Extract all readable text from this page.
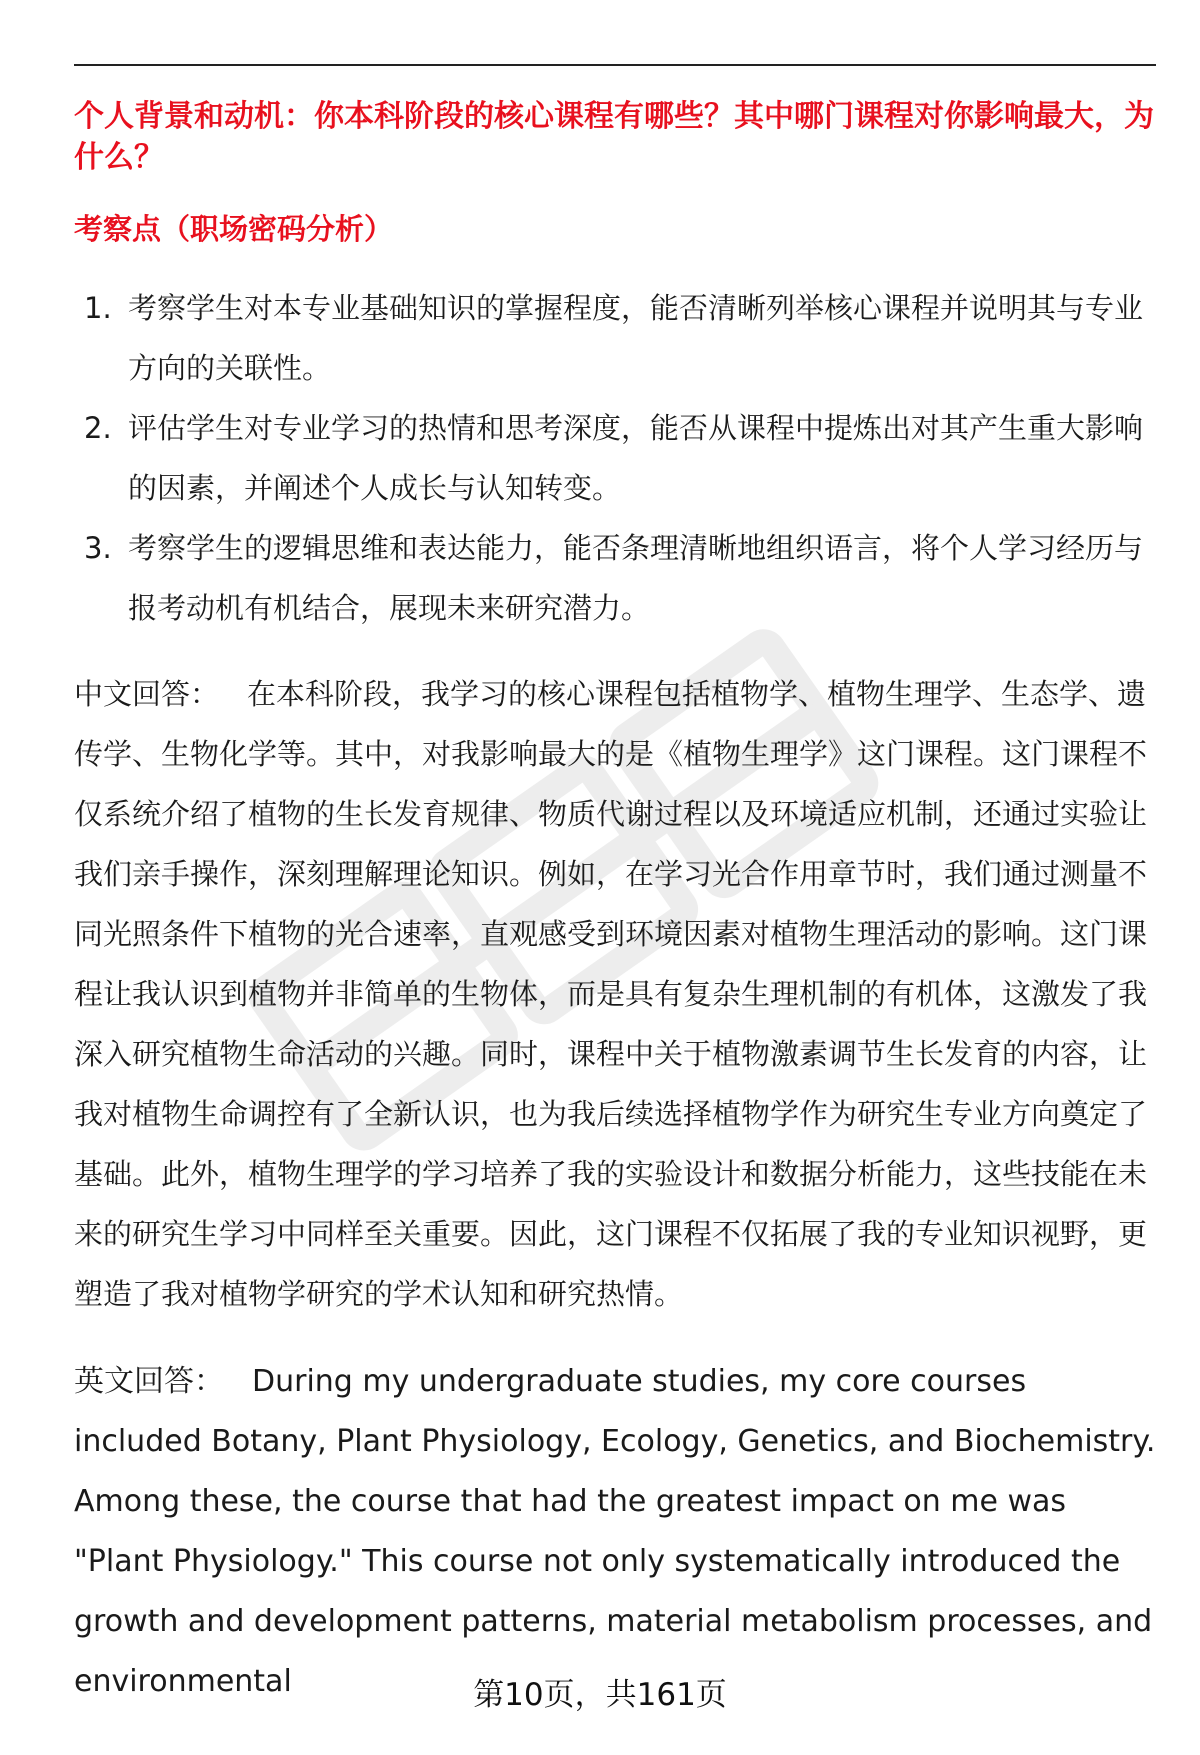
个人背景和动机：你本科阶段的核心课程有哪些？其中哪门课程对你影响最大，为什么？
考察点（职场密码分析）
1. 考察学生对本专业基础知识的掌握程度，能否清晰列举核心课程并说明其与专业方向的关联性。
2. 评估学生对专业学习的热情和思考深度，能否从课程中提炼出对其产生重大影响的因素，并阐述个人成长与认知转变。
3. 考察学生的逻辑思维和表达能力，能否条理清晰地组织语言，将个人学习经历与报考动机有机结合，展现未来研究潜力。

中文回答： 在本科阶段，我学习的核心课程包括植物学、植物生理学、生态学、遗传学、生物化学等。其中，对我影响最大的是《植物生理学》这门课程。这门课程不仅系统介绍了植物的生长发育规律、物质代谢过程以及环境适应机制，还通过实验让我们亲手操作，深刻理解理论知识。例如，在学习光合作用章节时，我们通过测量不同光照条件下植物的光合速率，直观感受到环境因素对植物生理活动的影响。这门课程让我认识到植物并非简单的生物体，而是具有复杂生理机制的有机体，这激发了我深入研究植物生命活动的兴趣。同时，课程中关于植物激素调节生长发育的内容，让我对植物生命调控有了全新认识，也为我后续选择植物学作为研究生专业方向奠定了基础。此外，植物生理学的学习培养了我的实验设计和数据分析能力，这些技能在未来的研究生学习中同样至关重要。因此，这门课程不仅拓展了我的专业知识视野，更塑造了我对植物学研究的学术认知和研究热情。

英文回答： During my undergraduate studies, my core courses included Botany, Plant Physiology, Ecology, Genetics, and Biochemistry. Among these, the course that had the greatest impact on me was "Plant Physiology." This course not only systematically introduced the growth and development patterns, material metabolism processes, and environmental	第10页，共161页
